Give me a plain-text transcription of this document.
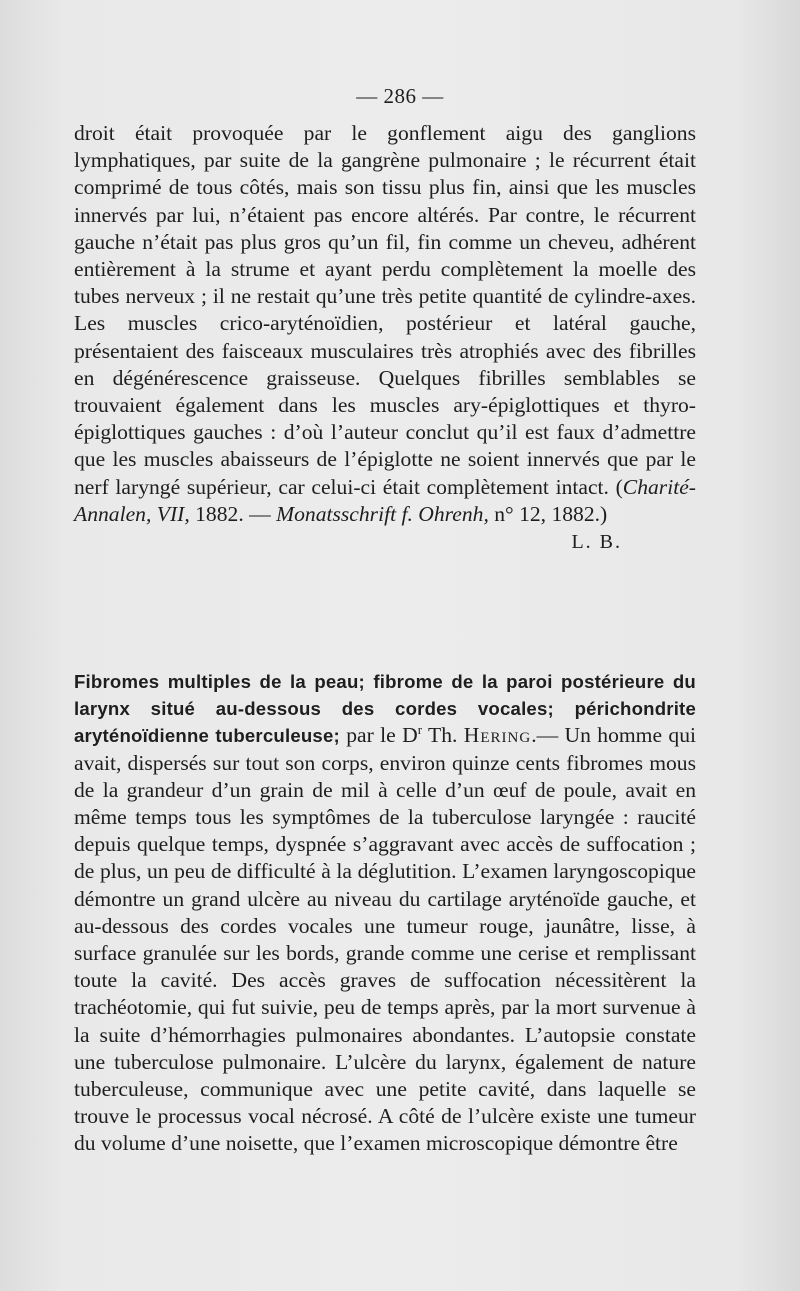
— 286 —

droit était provoquée par le gonflement aigu des ganglions lymphatiques, par suite de la gangrène pulmonaire ; le récurrent était comprimé de tous côtés, mais son tissu plus fin, ainsi que les muscles innervés par lui, n’étaient pas encore altérés. Par contre, le récurrent gauche n’était pas plus gros qu’un fil, fin comme un cheveu, adhérent entièrement à la strume et ayant perdu complètement la moelle des tubes nerveux ; il ne restait qu’une très petite quantité de cylindre-axes. Les muscles crico-aryténoïdien, postérieur et latéral gauche, présentaient des faisceaux musculaires très atrophiés avec des fibrilles en dégénérescence graisseuse. Quelques fibrilles semblables se trouvaient également dans les muscles ary-épiglottiques et thyro-épiglottiques gauches : d’où l’auteur conclut qu’il est faux d’admettre que les muscles abaisseurs de l’épiglotte ne soient innervés que par le nerf laryngé supérieur, car celui-ci était complètement intact. (Charité-Annalen, VII, 1882. — Monatsschrift f. Ohrenh, n° 12, 1882.)

L. B.

Fibromes multiples de la peau; fibrome de la paroi postérieure du larynx situé au-dessous des cordes vocales; périchondrite aryténoïdienne tuberculeuse; par le $D^r$ Th. Hering.— Un homme qui avait, dispersés sur tout son corps, environ quinze cents fibromes mous de la grandeur d’un grain de mil à celle d’un œuf de poule, avait en même temps tous les symptômes de la tuberculose laryngée : raucité depuis quelque temps, dyspnée s’aggravant avec accès de suffocation ; de plus, un peu de difficulté à la déglutition. L’examen laryngoscopique démontre un grand ulcère au niveau du cartilage aryténoïde gauche, et au-dessous des cordes vocales une tumeur rouge, jaunâtre, lisse, à surface granulée sur les bords, grande comme une cerise et remplissant toute la cavité. Des accès graves de suffocation nécessitèrent la trachéotomie, qui fut suivie, peu de temps après, par la mort survenue à la suite d’hémorrhagies pulmonaires abondantes. L’autopsie constate une tuberculose pulmonaire. L’ulcère du larynx, également de nature tuberculeuse, communique avec une petite cavité, dans laquelle se trouve le processus vocal nécrosé. A côté de l’ulcère existe une tumeur du volume d’une noisette, que l’examen microscopique démontre être
